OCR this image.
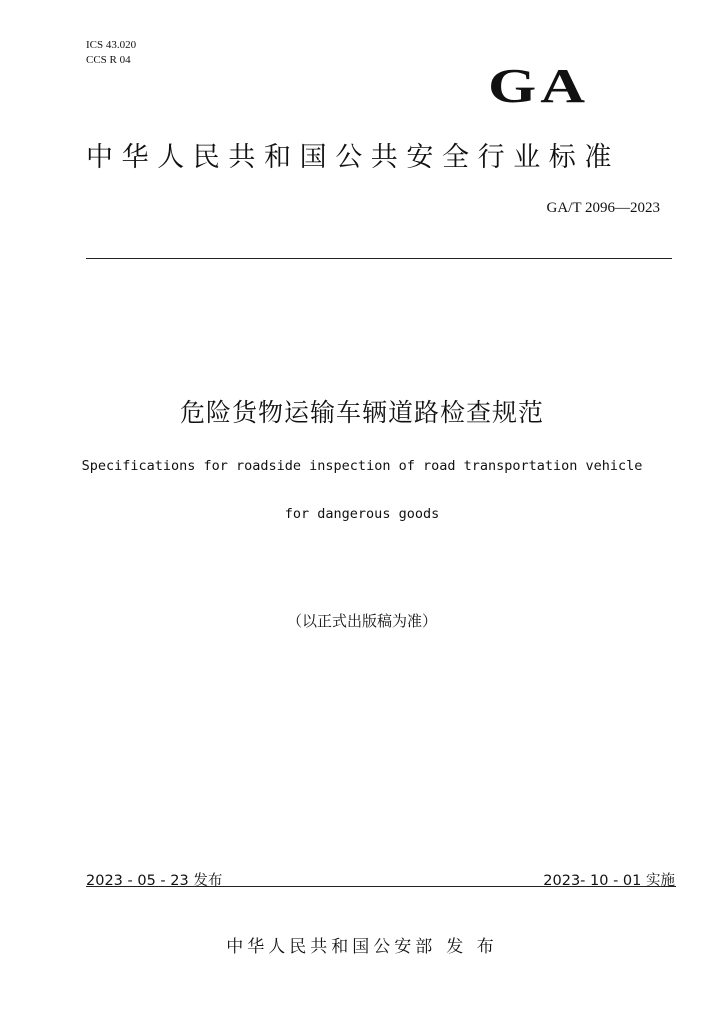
ICS 43.020
CCS R 04	GA
中华人民共和国公共安全行业标准
GA/T 2096—2023
危险货物运输车辆道路检查规范
Specifications for roadside inspection of road transportation vehicle
for dangerous goods
（以正式出版稿为准）
2023 - 05 - 23 发布	2023- 10 - 01 实施
中华人民共和国公安部 发 布
